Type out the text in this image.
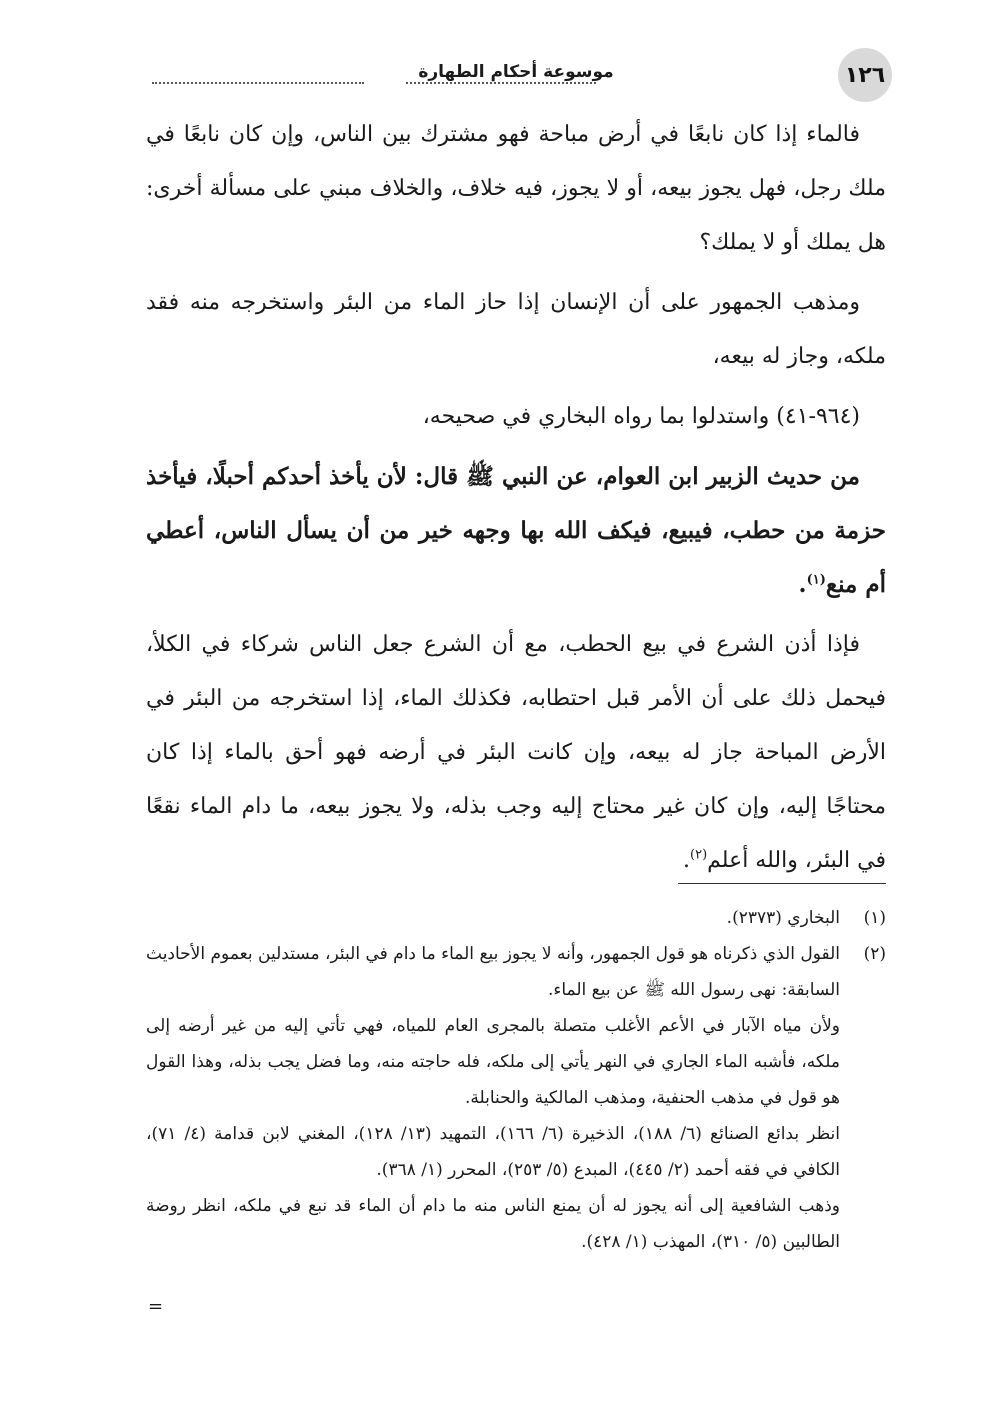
موسوعة أحكام الطهارة	١٢٦

فالماء إذا كان نابعًا في أرض مباحة فهو مشترك بين الناس، وإن كان نابعًا في ملك رجل، فهل يجوز بيعه، أو لا يجوز، فيه خلاف، والخلاف مبني على مسألة أخرى: هل يملك أو لا يملك؟

ومذهب الجمهور على أن الإنسان إذا حاز الماء من البئر واستخرجه منه فقد ملكه، وجاز له بيعه،

(٩٦٤-٤١) واستدلوا بما رواه البخاري في صحيحه،

من حديث الزبير ابن العوام، عن النبي ﷺ قال: لأن يأخذ أحدكم أحبلًا، فيأخذ حزمة من حطب، فيبيع، فيكف الله بها وجهه خير من أن يسأل الناس، أعطي أم منع$^{(١)}$.

فإذا أذن الشرع في بيع الحطب، مع أن الشرع جعل الناس شركاء في الكلأ، فيحمل ذلك على أن الأمر قبل احتطابه، فكذلك الماء، إذا استخرجه من البئر في الأرض المباحة جاز له بيعه، وإن كانت البئر في أرضه فهو أحق بالماء إذا كان محتاجًا إليه، وإن كان غير محتاج إليه وجب بذله، ولا يجوز بيعه، ما دام الماء نقعًا في البئر، والله أعلم$^{(٢)}$.

(١)

البخاري (٢٣٧٣).

(٢)

القول الذي ذكرناه هو قول الجمهور، وأنه لا يجوز بيع الماء ما دام في البئر، مستدلين بعموم الأحاديث السابقة: نهى رسول الله ﷺ عن بيع الماء.

ولأن مياه الآبار في الأعم الأغلب متصلة بالمجرى العام للمياه، فهي تأتي إليه من غير أرضه إلى ملكه، فأشبه الماء الجاري في النهر يأتي إلى ملكه، فله حاجته منه، وما فضل يجب بذله، وهذا القول هو قول في مذهب الحنفية، ومذهب المالكية والحنابلة.

انظر بدائع الصنائع (٦/ ١٨٨)، الذخيرة (٦/ ١٦٦)، التمهيد (١٣/ ١٢٨)، المغني لابن قدامة (٤/ ٧١)، الكافي في فقه أحمد (٢/ ٤٤٥)، المبدع (٥/ ٢٥٣)، المحرر (١/ ٣٦٨).

وذهب الشافعية إلى أنه يجوز له أن يمنع الناس منه ما دام أن الماء قد نبع في ملكه، انظر روضة الطالبين (٥/ ٣١٠)، المهذب (١/ ٤٢٨).

=
